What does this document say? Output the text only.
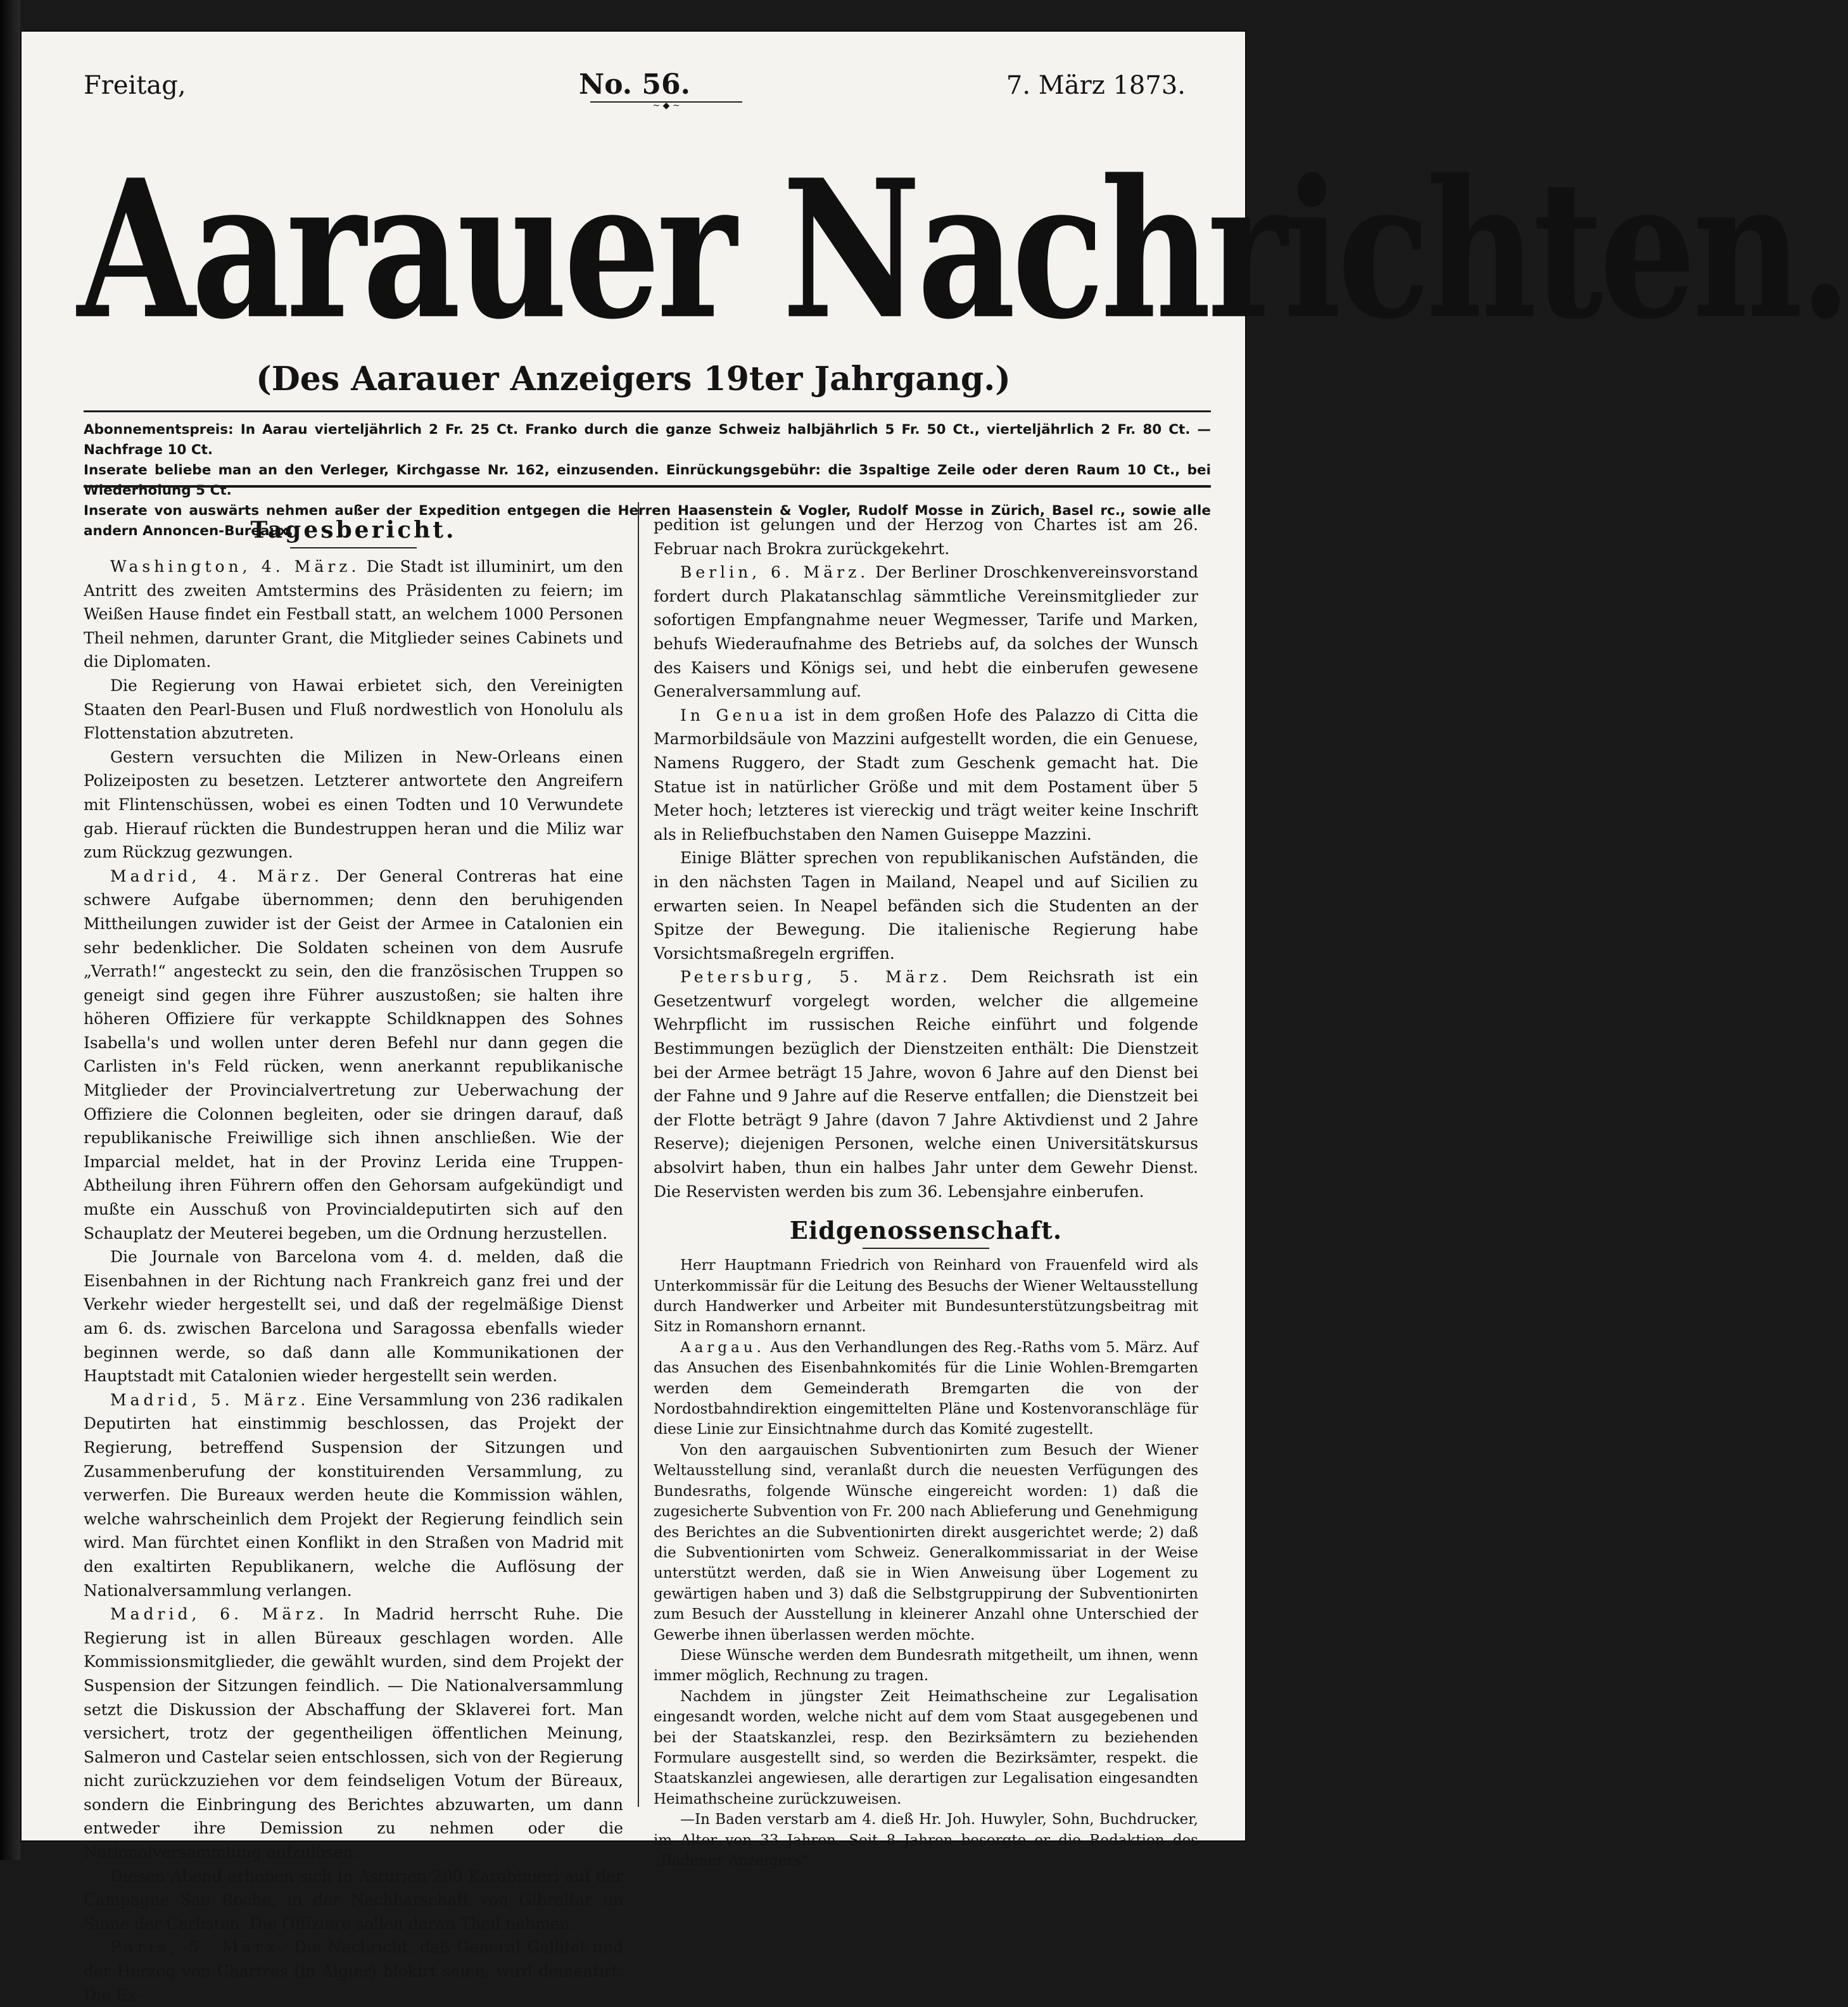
Freitag,	No. 56.	7. März 1873.
~ ◆ ~
Aarauer Nachrichten.
(Des Aarauer Anzeigers 19ter Jahrgang.)

Abonnementspreis: In Aarau vierteljährlich 2 Fr. 25 Ct. Franko durch die ganze Schweiz halbjährlich 5 Fr. 50 Ct., vierteljährlich 2 Fr. 80 Ct. — Nachfrage 10 Ct.

Inserate beliebe man an den Verleger, Kirchgasse Nr. 162, einzusenden. Einrückungsgebühr: die 3spaltige Zeile oder deren Raum 10 Ct., bei Wiederholung 5 Ct.

Inserate von auswärts nehmen außer der Expedition entgegen die Herren Haasenstein & Vogler, Rudolf Mosse in Zürich, Basel rc., sowie alle andern Annoncen-Bureaux.

Tagesbericht.

Washington, 4. März. Die Stadt ist illuminirt, um den Antritt des zweiten Amtstermins des Präsidenten zu feiern; im Weißen Hause findet ein Festball statt, an welchem 1000 Personen Theil nehmen, darunter Grant, die Mitglieder seines Cabinets und die Diplomaten.

Die Regierung von Hawai erbietet sich, den Vereinigten Staaten den Pearl-Busen und Fluß nordwestlich von Honolulu als Flottenstation abzutreten.

Gestern versuchten die Milizen in New-Orleans einen Polizeiposten zu besetzen. Letzterer antwortete den Angreifern mit Flintenschüssen, wobei es einen Todten und 10 Verwundete gab. Hierauf rückten die Bundestruppen heran und die Miliz war zum Rückzug gezwungen.

Madrid, 4. März. Der General Contreras hat eine schwere Aufgabe übernommen; denn den beruhigenden Mittheilungen zuwider ist der Geist der Armee in Catalonien ein sehr bedenklicher. Die Soldaten scheinen von dem Ausrufe „Verrath!“ angesteckt zu sein, den die französischen Truppen so geneigt sind gegen ihre Führer auszustoßen; sie halten ihre höheren Offiziere für verkappte Schildknappen des Sohnes Isabella's und wollen unter deren Befehl nur dann gegen die Carlisten in's Feld rücken, wenn anerkannt republikanische Mitglieder der Provincialvertretung zur Ueberwachung der Offiziere die Colonnen begleiten, oder sie dringen darauf, daß republikanische Freiwillige sich ihnen anschließen. Wie der Imparcial meldet, hat in der Provinz Lerida eine Truppen-Abtheilung ihren Führern offen den Gehorsam aufgekündigt und mußte ein Ausschuß von Provincialdeputirten sich auf den Schauplatz der Meuterei begeben, um die Ordnung herzustellen.

Die Journale von Barcelona vom 4. d. melden, daß die Eisenbahnen in der Richtung nach Frankreich ganz frei und der Verkehr wieder hergestellt sei, und daß der regelmäßige Dienst am 6. ds. zwischen Barcelona und Saragossa ebenfalls wieder beginnen werde, so daß dann alle Kommunikationen der Hauptstadt mit Catalonien wieder hergestellt sein werden.

Madrid, 5. März. Eine Versammlung von 236 radikalen Deputirten hat einstimmig beschlossen, das Projekt der Regierung, betreffend Suspension der Sitzungen und Zusammenberufung der konstituirenden Versammlung, zu verwerfen. Die Bureaux werden heute die Kommission wählen, welche wahrscheinlich dem Projekt der Regierung feindlich sein wird. Man fürchtet einen Konflikt in den Straßen von Madrid mit den exaltirten Republikanern, welche die Auflösung der Nationalversammlung verlangen.

Madrid, 6. März. In Madrid herrscht Ruhe. Die Regierung ist in allen Büreaux geschlagen worden. Alle Kommissionsmitglieder, die gewählt wurden, sind dem Projekt der Suspension der Sitzungen feindlich. — Die Nationalversammlung setzt die Diskussion der Abschaffung der Sklaverei fort. Man versichert, trotz der gegentheiligen öffentlichen Meinung, Salmeron und Castelar seien entschlossen, sich von der Regierung nicht zurückzuziehen vor dem feindseligen Votum der Büreaux, sondern die Einbringung des Berichtes abzuwarten, um dann entweder ihre Demission zu nehmen oder die Nationalversammlung aufzulösen.

Diesen Abend erhoben sich in Asturien 200 Karabinieri auf der Campagne San Roche, in der Nachbarschaft von Gibraltar im Sinne der Carlisten. Die Offiziere sollen daran Theil nehmen.

Paris, 5. März. Die Nachricht, daß General Gallifet und der Herzog von Chartres (in Algier) blokirt seien, wird dementirt. Die Ex-

pedition ist gelungen und der Herzog von Chartes ist am 26. Februar nach Brokra zurückgekehrt.

Berlin, 6. März. Der Berliner Droschkenvereinsvorstand fordert durch Plakatanschlag sämmtliche Vereinsmitglieder zur sofortigen Empfangnahme neuer Wegmesser, Tarife und Marken, behufs Wiederaufnahme des Betriebs auf, da solches der Wunsch des Kaisers und Königs sei, und hebt die einberufen gewesene Generalversammlung auf.

In Genua ist in dem großen Hofe des Palazzo di Citta die Marmorbildsäule von Mazzini aufgestellt worden, die ein Genuese, Namens Ruggero, der Stadt zum Geschenk gemacht hat. Die Statue ist in natürlicher Größe und mit dem Postament über 5 Meter hoch; letzteres ist viereckig und trägt weiter keine Inschrift als in Reliefbuchstaben den Namen Guiseppe Mazzini.

Einige Blätter sprechen von republikanischen Aufständen, die in den nächsten Tagen in Mailand, Neapel und auf Sicilien zu erwarten seien. In Neapel befänden sich die Studenten an der Spitze der Bewegung. Die italienische Regierung habe Vorsichtsmaßregeln ergriffen.

Petersburg, 5. März. Dem Reichsrath ist ein Gesetzentwurf vorgelegt worden, welcher die allgemeine Wehrpflicht im russischen Reiche einführt und folgende Bestimmungen bezüglich der Dienstzeiten enthält: Die Dienstzeit bei der Armee beträgt 15 Jahre, wovon 6 Jahre auf den Dienst bei der Fahne und 9 Jahre auf die Reserve entfallen; die Dienstzeit bei der Flotte beträgt 9 Jahre (davon 7 Jahre Aktivdienst und 2 Jahre Reserve); diejenigen Personen, welche einen Universitätskursus absolvirt haben, thun ein halbes Jahr unter dem Gewehr Dienst. Die Reservisten werden bis zum 36. Lebensjahre einberufen.

Eidgenossenschaft.

Herr Hauptmann Friedrich von Reinhard von Frauenfeld wird als Unterkommissär für die Leitung des Besuchs der Wiener Weltausstellung durch Handwerker und Arbeiter mit Bundesunterstützungsbeitrag mit Sitz in Romanshorn ernannt.

Aargau. Aus den Verhandlungen des Reg.-Raths vom 5. März. Auf das Ansuchen des Eisenbahnkomités für die Linie Wohlen-Bremgarten werden dem Gemeinderath Bremgarten die von der Nordostbahndirektion eingemittelten Pläne und Kostenvoranschläge für diese Linie zur Einsichtnahme durch das Komité zugestellt.

Von den aargauischen Subventionirten zum Besuch der Wiener Weltausstellung sind, veranlaßt durch die neuesten Verfügungen des Bundesraths, folgende Wünsche eingereicht worden: 1) daß die zugesicherte Subvention von Fr. 200 nach Ablieferung und Genehmigung des Berichtes an die Subventionirten direkt ausgerichtet werde; 2) daß die Subventionirten vom Schweiz. Generalkommissariat in der Weise unterstützt werden, daß sie in Wien Anweisung über Logement zu gewärtigen haben und 3) daß die Selbstgruppirung der Subventionirten zum Besuch der Ausstellung in kleinerer Anzahl ohne Unterschied der Gewerbe ihnen überlassen werden möchte.

Diese Wünsche werden dem Bundesrath mitgetheilt, um ihnen, wenn immer möglich, Rechnung zu tragen.

Nachdem in jüngster Zeit Heimathscheine zur Legalisation eingesandt worden, welche nicht auf dem vom Staat ausgegebenen und bei der Staatskanzlei, resp. den Bezirksämtern zu beziehenden Formulare ausgestellt sind, so werden die Bezirksämter, respekt. die Staatskanzlei angewiesen, alle derartigen zur Legalisation eingesandten Heimathscheine zurückzuweisen.

—In Baden verstarb am 4. dieß Hr. Joh. Huwyler, Sohn, Buchdrucker, im Alter von 33 Jahren. Seit 8 Jahren besorgte er die Redaktion des „Badener Anzeigers“.
